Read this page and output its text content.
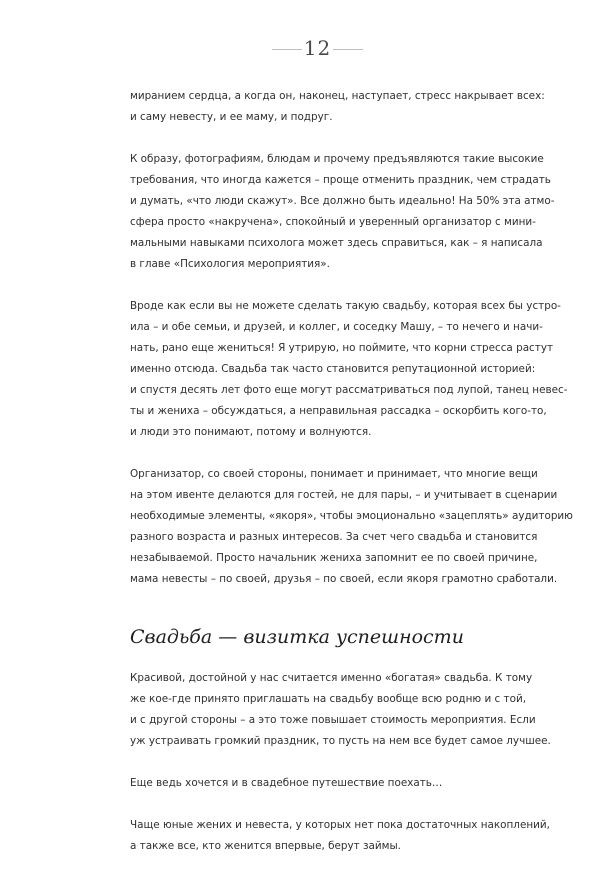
12

миранием сердца, а когда он, наконец, наступает, стресс накрывает всех:
и саму невесту, и ее маму, и подруг.

К образу, фотографиям, блюдам и прочему предъявляются такие высокие
требования, что иногда кажется – проще отменить праздник, чем страдать
и думать, «что люди скажут». Все должно быть идеально! На 50% эта атмо-
сфера просто «накручена», спокойный и уверенный организатор с мини-
мальными навыками психолога может здесь справиться, как – я написала
в главе «Психология мероприятия».

Вроде как если вы не можете сделать такую свадьбу, которая всех бы устро-
ила – и обе семьи, и друзей, и коллег, и соседку Машу, – то нечего и начи-
нать, рано еще жениться! Я утрирую, но поймите, что корни стресса растут
именно отсюда. Свадьба так часто становится репутационной историей:
и спустя десять лет фото еще могут рассматриваться под лупой, танец невес-
ты и жениха – обсуждаться, а неправильная рассадка – оскорбить кого-то,
и люди это понимают, потому и волнуются.

Организатор, со своей стороны, понимает и принимает, что многие вещи
на этом ивенте делаются для гостей, не для пары, – и учитывает в сценарии
необходимые элементы, «якоря», чтобы эмоционально «зацеплять» аудиторию
разного возраста и разных интересов. За счет чего свадьба и становится
незабываемой. Просто начальник жениха запомнит ее по своей причине,
мама невесты – по своей, друзья – по своей, если якоря грамотно сработали.

Свадьба — визитка успешности

Красивой, достойной у нас считается именно «богатая» свадьба. К тому
же кое-где принято приглашать на свадьбу вообще всю родню и с той,
и с другой стороны – а это тоже повышает стоимость мероприятия. Если
уж устраивать громкий праздник, то пусть на нем все будет самое лучшее.

Еще ведь хочется и в свадебное путешествие поехать…

Чаще юные жених и невеста, у которых нет пока достаточных накоплений,
а также все, кто женится впервые, берут займы.
